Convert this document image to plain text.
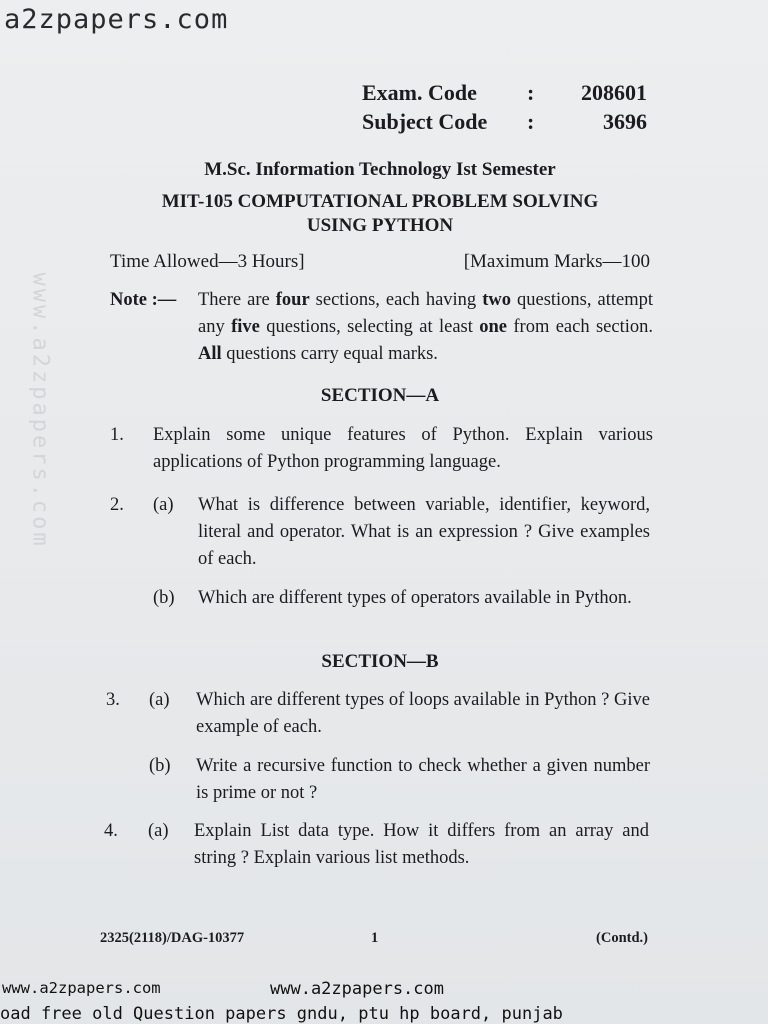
a2zpapers.com
www.a2zpapers.com
Exam. Code	:	208601
Subject Code	:	3696
M.Sc. Information Technology Ist Semester
MIT-105 COMPUTATIONAL PROBLEM SOLVING
USING PYTHON
Time Allowed—3 Hours]	[Maximum Marks—100
Note :— There are four sections, each having two questions, attempt any five questions, selecting at least one from each section. All questions carry equal marks.
SECTION—A
1. Explain some unique features of Python. Explain various applications of Python programming language.
2. (a) What is difference between variable, identifier, keyword, literal and operator. What is an expression ? Give examples of each.
(b) Which are different types of operators available in Python.
SECTION—B
3. (a) Which are different types of loops available in Python ? Give example of each.
(b) Write a recursive function to check whether a given number is prime or not ?
4. (a) Explain List data type. How it differs from an array and string ? Explain various list methods.
2325(2118)/DAG-10377	1	(Contd.)
www.a2zpapers.com	www.a2zpapers.com
oad free old Question papers gndu, ptu hp board, punjab
